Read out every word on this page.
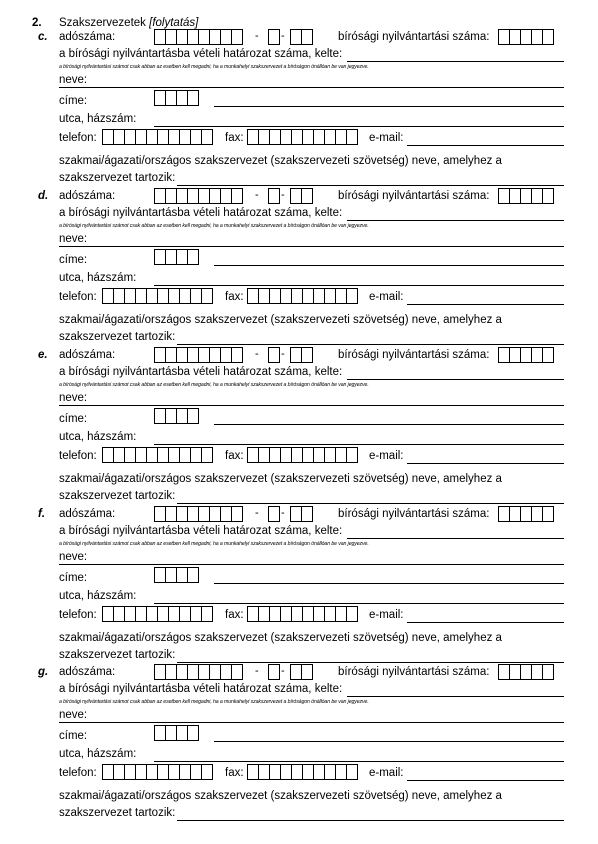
2. Szakszervezetek [folytatás]
c. adószáma:	- -	bírósági nyilvántartási száma:
a bírósági nyilvántartásba vételi határozat száma, kelte:
a bírósági nyilvántartási számot csak abban az esetben kell megadni, ha a munkahelyi szakszervezet a bíróságon önállóan be van jegyezve.
neve:
címe:
utca, házszám:
telefon:	fax:	e-mail:
szakmai/ágazati/országos szakszervezet (szakszervezeti szövetség) neve, amelyhez a
szakszervezet tartozik:
d. adószáma:	- -	bírósági nyilvántartási száma:
a bírósági nyilvántartásba vételi határozat száma, kelte:
a bírósági nyilvántartási számot csak abban az esetben kell megadni, ha a munkahelyi szakszervezet a bíróságon önállóan be van jegyezve.
neve:
címe:
utca, házszám:
telefon:	fax:	e-mail:
szakmai/ágazati/országos szakszervezet (szakszervezeti szövetség) neve, amelyhez a
szakszervezet tartozik:
e. adószáma:	- -	bírósági nyilvántartási száma:
a bírósági nyilvántartásba vételi határozat száma, kelte:
a bírósági nyilvántartási számot csak abban az esetben kell megadni, ha a munkahelyi szakszervezet a bíróságon önállóan be van jegyezve.
neve:
címe:
utca, házszám:
telefon:	fax:	e-mail:
szakmai/ágazati/országos szakszervezet (szakszervezeti szövetség) neve, amelyhez a
szakszervezet tartozik:
f. adószáma:	- -	bírósági nyilvántartási száma:
a bírósági nyilvántartásba vételi határozat száma, kelte:
a bírósági nyilvántartási számot csak abban az esetben kell megadni, ha a munkahelyi szakszervezet a bíróságon önállóan be van jegyezve.
neve:
címe:
utca, házszám:
telefon:	fax:	e-mail:
szakmai/ágazati/országos szakszervezet (szakszervezeti szövetség) neve, amelyhez a
szakszervezet tartozik:
g. adószáma:	- -	bírósági nyilvántartási száma:
a bírósági nyilvántartásba vételi határozat száma, kelte:
a bírósági nyilvántartási számot csak abban az esetben kell megadni, ha a munkahelyi szakszervezet a bíróságon önállóan be van jegyezve.
neve:
címe:
utca, házszám:
telefon:	fax:	e-mail:
szakmai/ágazati/országos szakszervezet (szakszervezeti szövetség) neve, amelyhez a
szakszervezet tartozik:
